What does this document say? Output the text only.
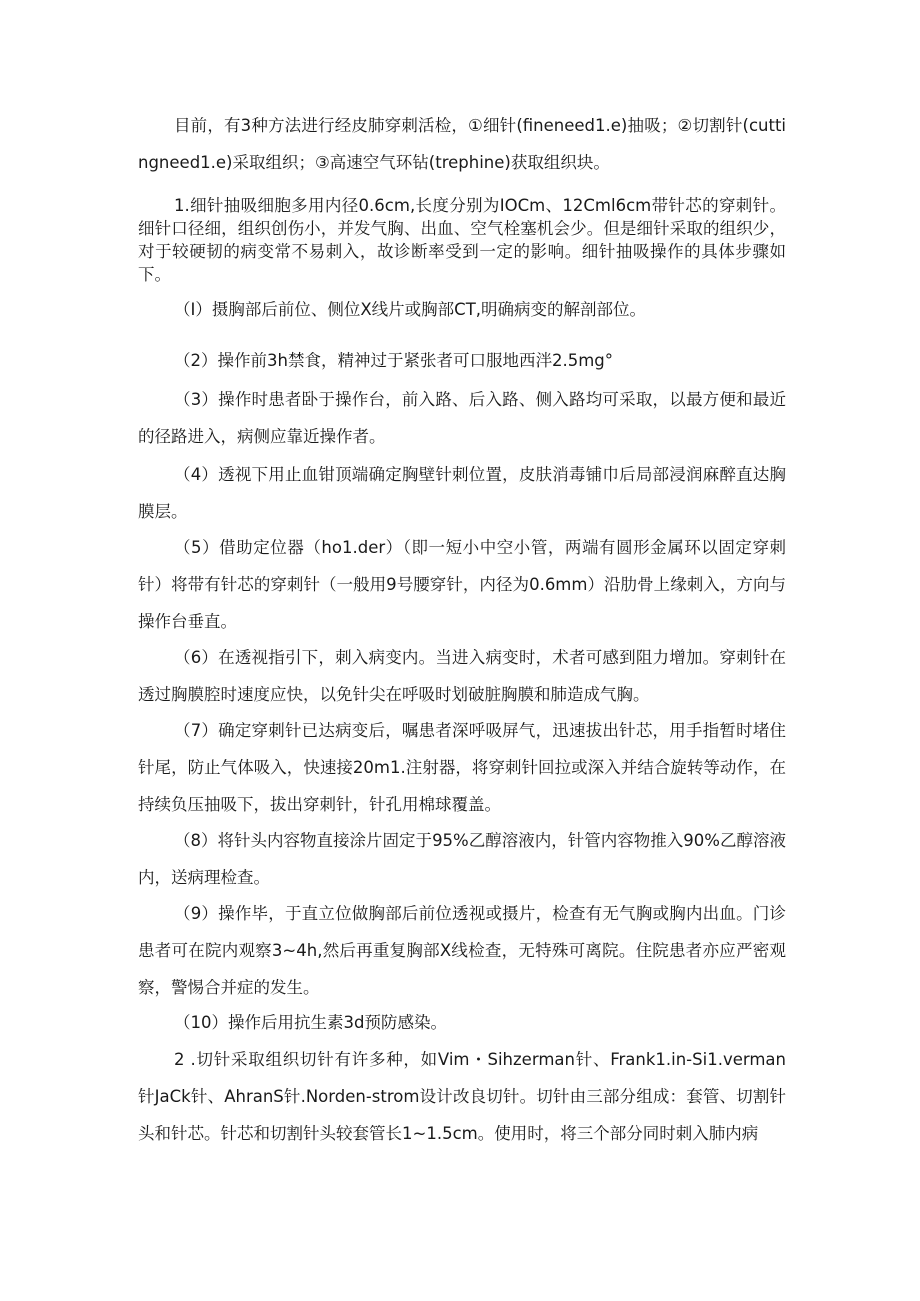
目前，有3种方法进行经皮肺穿刺活检，①细针(fineneed1.e)抽吸；②切割针(cuttingneed1.e)采取组织；③高速空气环钻(trephine)获取组织块。

1.细针抽吸细胞多用内径0.6cm,长度分别为IOCm、12Cml6cm带针芯的穿刺针。细针口径细，组织创伤小，并发气胸、出血、空气栓塞机会少。但是细针采取的组织少，对于较硬韧的病变常不易刺入，故诊断率受到一定的影响。细针抽吸操作的具体步骤如下。

（I）摄胸部后前位、侧位X线片或胸部CT,明确病变的解剖部位。

（2）操作前3h禁食，精神过于紧张者可口服地西泮2.5mg°

（3）操作时患者卧于操作台，前入路、后入路、侧入路均可采取，以最方便和最近的径路进入，病侧应靠近操作者。

（4）透视下用止血钳顶端确定胸壁针刺位置，皮肤消毒铺巾后局部浸润麻醉直达胸膜层。

（5）借助定位器（ho1.der）（即一短小中空小管，两端有圆形金属环以固定穿刺针）将带有针芯的穿刺针（一般用9号腰穿针，内径为0.6mm）沿肋骨上缘刺入，方向与操作台垂直。

（6）在透视指引下，刺入病变内。当进入病变时，术者可感到阻力增加。穿刺针在透过胸膜腔时速度应快，以免针尖在呼吸时划破脏胸膜和肺造成气胸。

（7）确定穿刺针已达病变后，嘱患者深呼吸屏气，迅速拔出针芯，用手指暂时堵住针尾，防止气体吸入，快速接20m1.注射器，将穿刺针回拉或深入并结合旋转等动作，在持续负压抽吸下，拔出穿刺针，针孔用棉球覆盖。

（8）将针头内容物直接涂片固定于95%乙醇溶液内，针管内容物推入90%乙醇溶液内，送病理检查。

（9）操作毕，于直立位做胸部后前位透视或摄片，检查有无气胸或胸内出血。门诊患者可在院内观察3~4h,然后再重复胸部X线检查，无特殊可离院。住院患者亦应严密观察，警惕合并症的发生。

（10）操作后用抗生素3d预防感染。

2 .切针采取组织切针有许多种，如Vim・Sihzerman针、Frank1.in-Si1.verman针JaCk针、AhranS针.Norden-strom设计改良切针。切针由三部分组成：套管、切割针头和针芯。针芯和切割针头较套管长1~1.5cm。使用时，将三个部分同时刺入肺内病
